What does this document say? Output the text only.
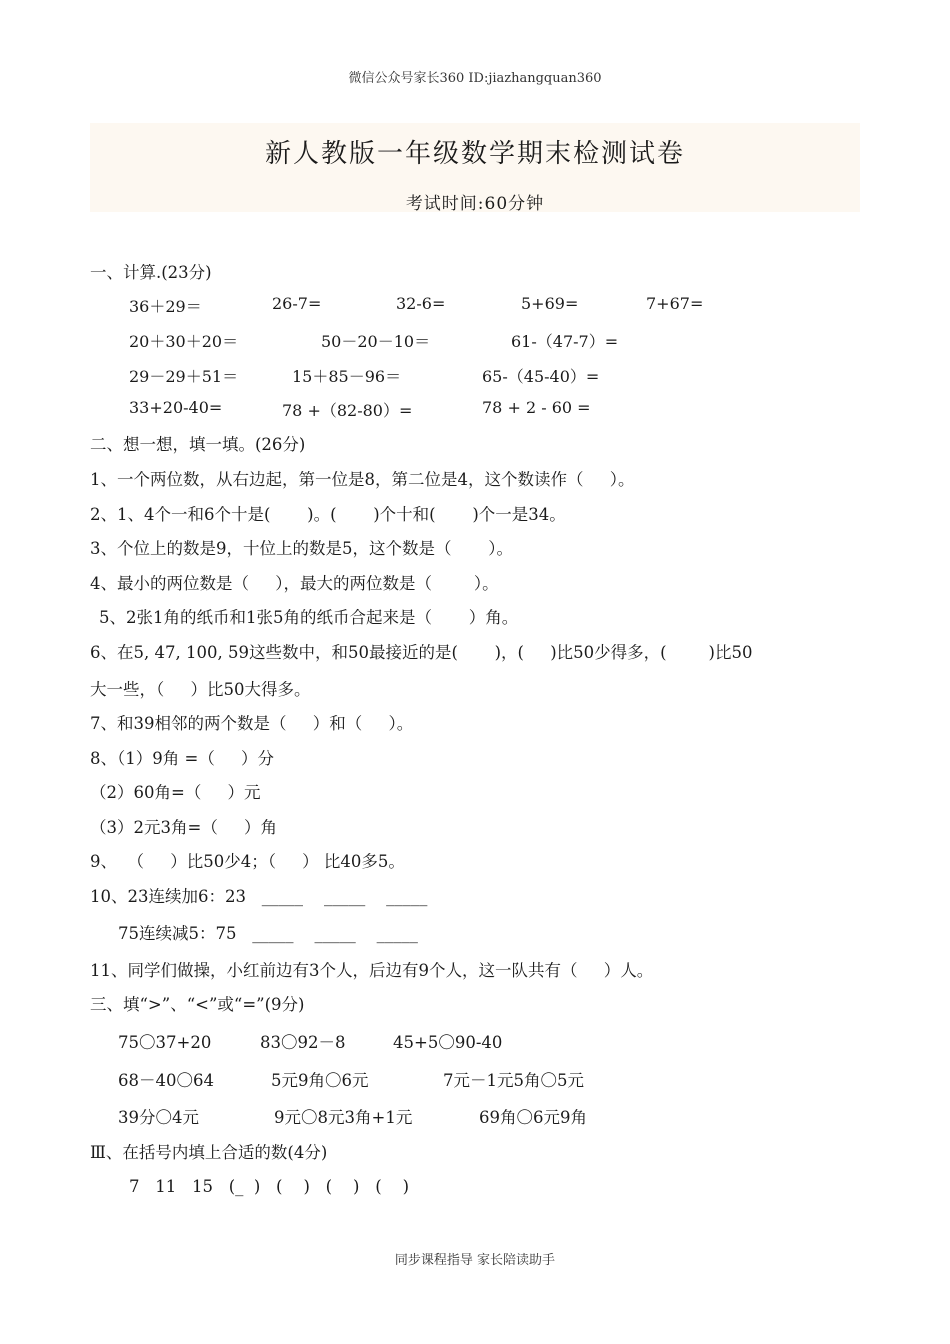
微信公众号家长360 ID:jiazhangquan360
新人教版一年级数学期末检测试卷
考试时间:60分钟
一、计算.(23分)
36＋29＝	26-7=	32-6=	5+69=	7+67=
20＋30＋20＝	50－20－10＝	61-（47-7）=
29－29＋51＝	15＋85－96＝	65-（45-40）=
33+20-40=	78 +（82-80）=	78 + 2 - 60 =
二、想一想，填一填。(26分)
1、一个两位数，从右边起，第一位是8，第二位是4，这个数读作（     ）。
2、1、4个一和6个十是(       )。(       )个十和(       )个一是34。
3、个位上的数是9，十位上的数是5，这个数是（       ）。
4、最小的两位数是（     ），最大的两位数是（        ）。
5、2张1角的纸币和1张5角的纸币合起来是（       ）角。
6、在5, 47, 100, 59这些数中，和50最接近的是(       )，(     )比50少得多，(        )比50
大一些，（     ）比50大得多。
7、和39相邻的两个数是（     ）和（     ）。
8、（1）9角 =（     ）分
（2）60角=（     ）元
（3）2元3角=（     ）角
9、  （     ）比50少4；（     ） 比40多5。
10、23连续加6：23   _____    _____    _____
75连续减5：75   _____    _____    _____
11、同学们做操，小红前边有3个人，后边有9个人，这一队共有（     ）人。
三、填“>”、“<”或“=”(9分)
75〇37+20	83〇92－8	45+5〇90-40
68－40〇64	5元9角〇6元	7元－1元5角〇5元
39分〇4元	9元〇8元3角+1元	69角〇6元9角
Ⅲ、在括号内填上合适的数(4分)
7   11   15   (_  )   (    )   (    )   (    )
同步课程指导 家长陪读助手
